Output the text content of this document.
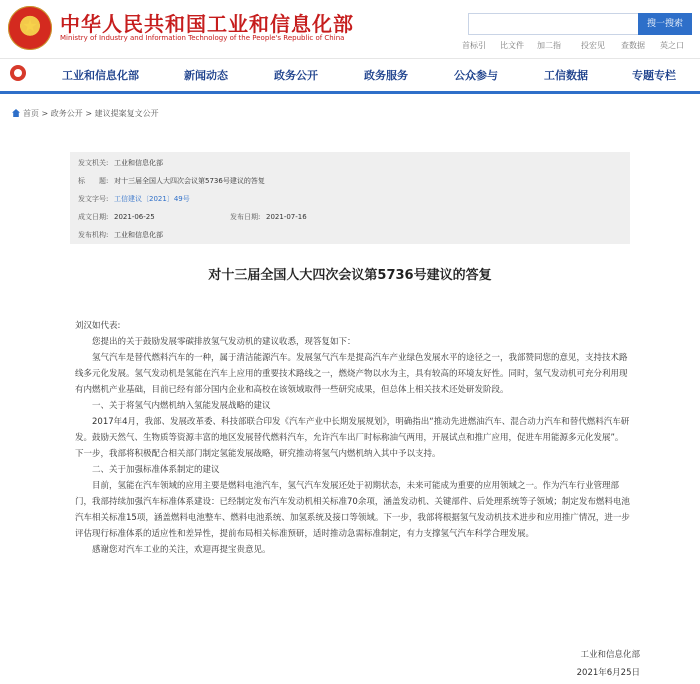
中华人民共和国工业和信息化部
Ministry of Industry and Information Technology of the People's Republic of China
搜一搜索
首标引 比文件 加二指	投宏见 查数据 英之口
工业和信息化部	新闻动态	政务公开	政务服务	公众参与	工信数据	专题专栏
首页 > 政务公开 > 建议提案复文公开
发文机关: 工业和信息化部
标　　题: 对十三届全国人大四次会议第5736号建议的答复
发文字号: 工信建议〔2021〕49号
成文日期: 2021-06-25	发布日期: 2021-07-16
发布机构: 工业和信息化部
对十三届全国人大四次会议第5736号建议的答复

刘汉如代表:

您提出的关于鼓励发展零碳排放氢气发动机的建议收悉，现答复如下：

氢气汽车是替代燃料汽车的一种，属于清洁能源汽车。发展氢气汽车是提高汽车产业绿色发展水平的途径之一，我部赞同您的意见，支持技术路线多元化发展。氢气发动机是氢能在汽车上应用的重要技术路线之一，燃烧产物以水为主，具有较高的环境友好性。同时，氢气发动机可充分利用现有内燃机产业基础，目前已经有部分国内企业和高校在该领域取得一些研究成果，但总体上相关技术还处研发阶段。

一、关于将氢气内燃机纳入氢能发展战略的建议

2017年4月，我部、发展改革委、科技部联合印发《汽车产业中长期发展规划》，明确指出“推动先进燃油汽车、混合动力汽车和替代燃料汽车研发。鼓励天然气、生物质等资源丰富的地区发展替代燃料汽车，允许汽车出厂时标称油气两用，开展试点和推广应用，促进车用能源多元化发展”。下一步，我部将积极配合相关部门制定氢能发展战略，研究推动将氢气内燃机纳入其中予以支持。

二、关于加强标准体系制定的建议

目前，氢能在汽车领域的应用主要是燃料电池汽车，氢气汽车发展还处于初期状态，未来可能成为重要的应用领域之一。作为汽车行业管理部门，我部持续加强汽车标准体系建设：已经制定发布汽车发动机相关标准70余项，涵盖发动机、关键部件、后处理系统等子领域；制定发布燃料电池汽车相关标准15项，涵盖燃料电池整车、燃料电池系统、加氢系统及接口等领域。下一步，我部将根据氢气发动机技术进步和应用推广情况，进一步评估现行标准体系的适应性和差异性，提前布局相关标准预研，适时推动急需标准制定，有力支撑氢气汽车科学合理发展。

感谢您对汽车工业的关注，欢迎再提宝贵意见。

工业和信息化部
2021年6月25日
